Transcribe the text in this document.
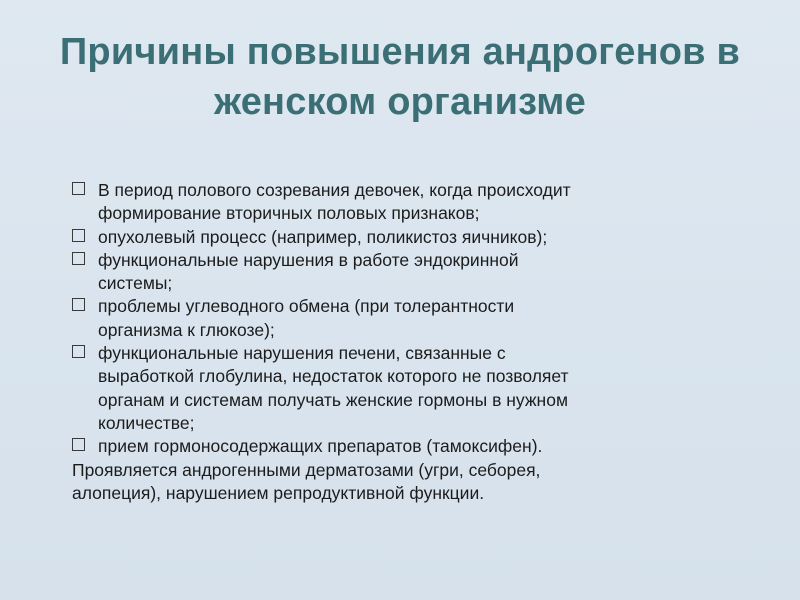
Причины повышения андрогенов в
женском организме
В период полового созревания девочек, когда происходит формирование вторичных половых признаков;
опухолевый процесс (например, поликистоз яичников);
функциональные нарушения в работе эндокринной системы;
проблемы углеводного обмена (при толерантности организма к глюкозе);
функциональные нарушения печени, связанные с выработкой глобулина, недостаток которого не позволяет органам и системам получать женские гормоны в нужном количестве;
прием гормоносодержащих препаратов (тамоксифен).

Проявляется андрогенными дерматозами (угри, себорея, алопеция), нарушением репродуктивной функции.
